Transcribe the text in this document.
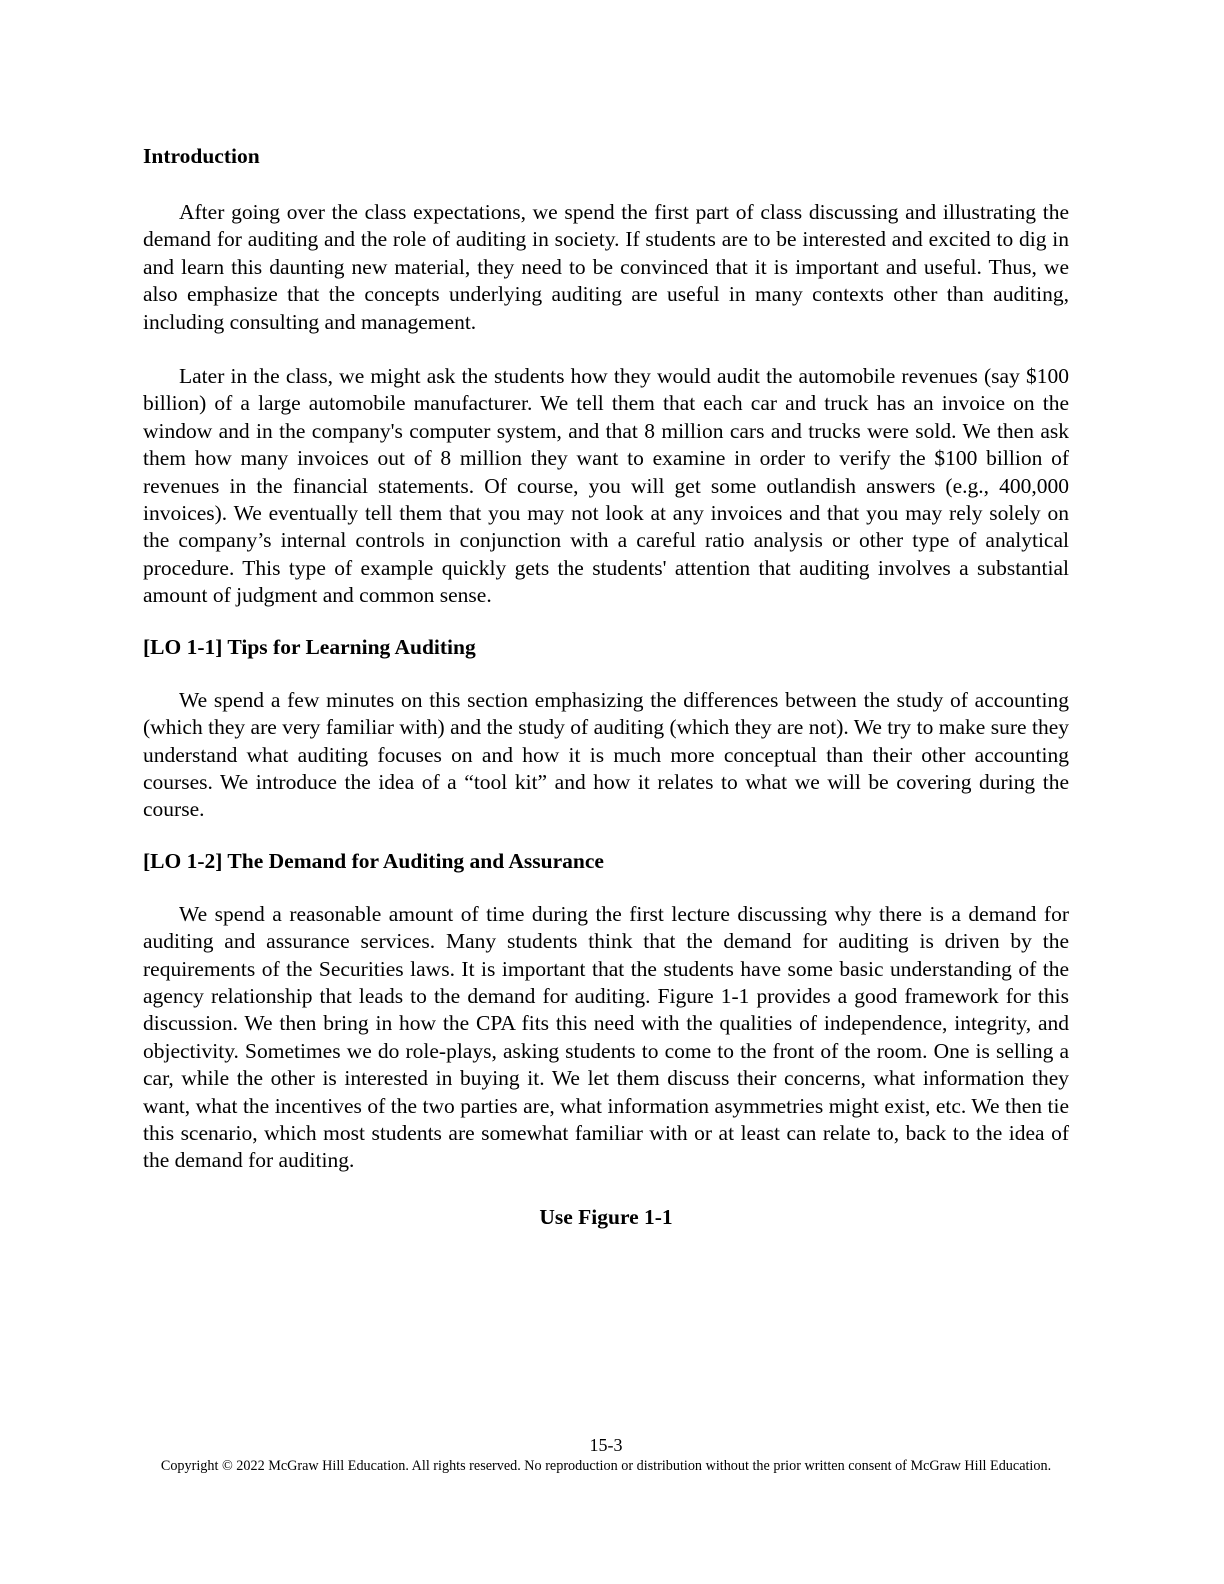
Introduction

After going over the class expectations, we spend the first part of class discussing and illustrating the demand for auditing and the role of auditing in society. If students are to be interested and excited to dig in and learn this daunting new material, they need to be convinced that it is important and useful. Thus, we also emphasize that the concepts underlying auditing are useful in many contexts other than auditing, including consulting and management.

Later in the class, we might ask the students how they would audit the automobile revenues (say $100 billion) of a large automobile manufacturer. We tell them that each car and truck has an invoice on the window and in the company's computer system, and that 8 million cars and trucks were sold. We then ask them how many invoices out of 8 million they want to examine in order to verify the $100 billion of revenues in the financial statements. Of course, you will get some outlandish answers (e.g., 400,000 invoices). We eventually tell them that you may not look at any invoices and that you may rely solely on the company’s internal controls in conjunction with a careful ratio analysis or other type of analytical procedure. This type of example quickly gets the students' attention that auditing involves a substantial amount of judgment and common sense.

[LO 1-1] Tips for Learning Auditing

We spend a few minutes on this section emphasizing the differences between the study of accounting (which they are very familiar with) and the study of auditing (which they are not). We try to make sure they understand what auditing focuses on and how it is much more conceptual than their other accounting courses. We introduce the idea of a “tool kit” and how it relates to what we will be covering during the course.

[LO 1-2] The Demand for Auditing and Assurance

We spend a reasonable amount of time during the first lecture discussing why there is a demand for auditing and assurance services. Many students think that the demand for auditing is driven by the requirements of the Securities laws. It is important that the students have some basic understanding of the agency relationship that leads to the demand for auditing. Figure 1-1 provides a good framework for this discussion. We then bring in how the CPA fits this need with the qualities of independence, integrity, and objectivity. Sometimes we do role-plays, asking students to come to the front of the room. One is selling a car, while the other is interested in buying it. We let them discuss their concerns, what information they want, what the incentives of the two parties are, what information asymmetries might exist, etc. We then tie this scenario, which most students are somewhat familiar with or at least can relate to, back to the idea of the demand for auditing.

Use Figure 1-1

15-3
Copyright © 2022 McGraw Hill Education. All rights reserved. No reproduction or distribution without the prior written consent of McGraw Hill Education.
